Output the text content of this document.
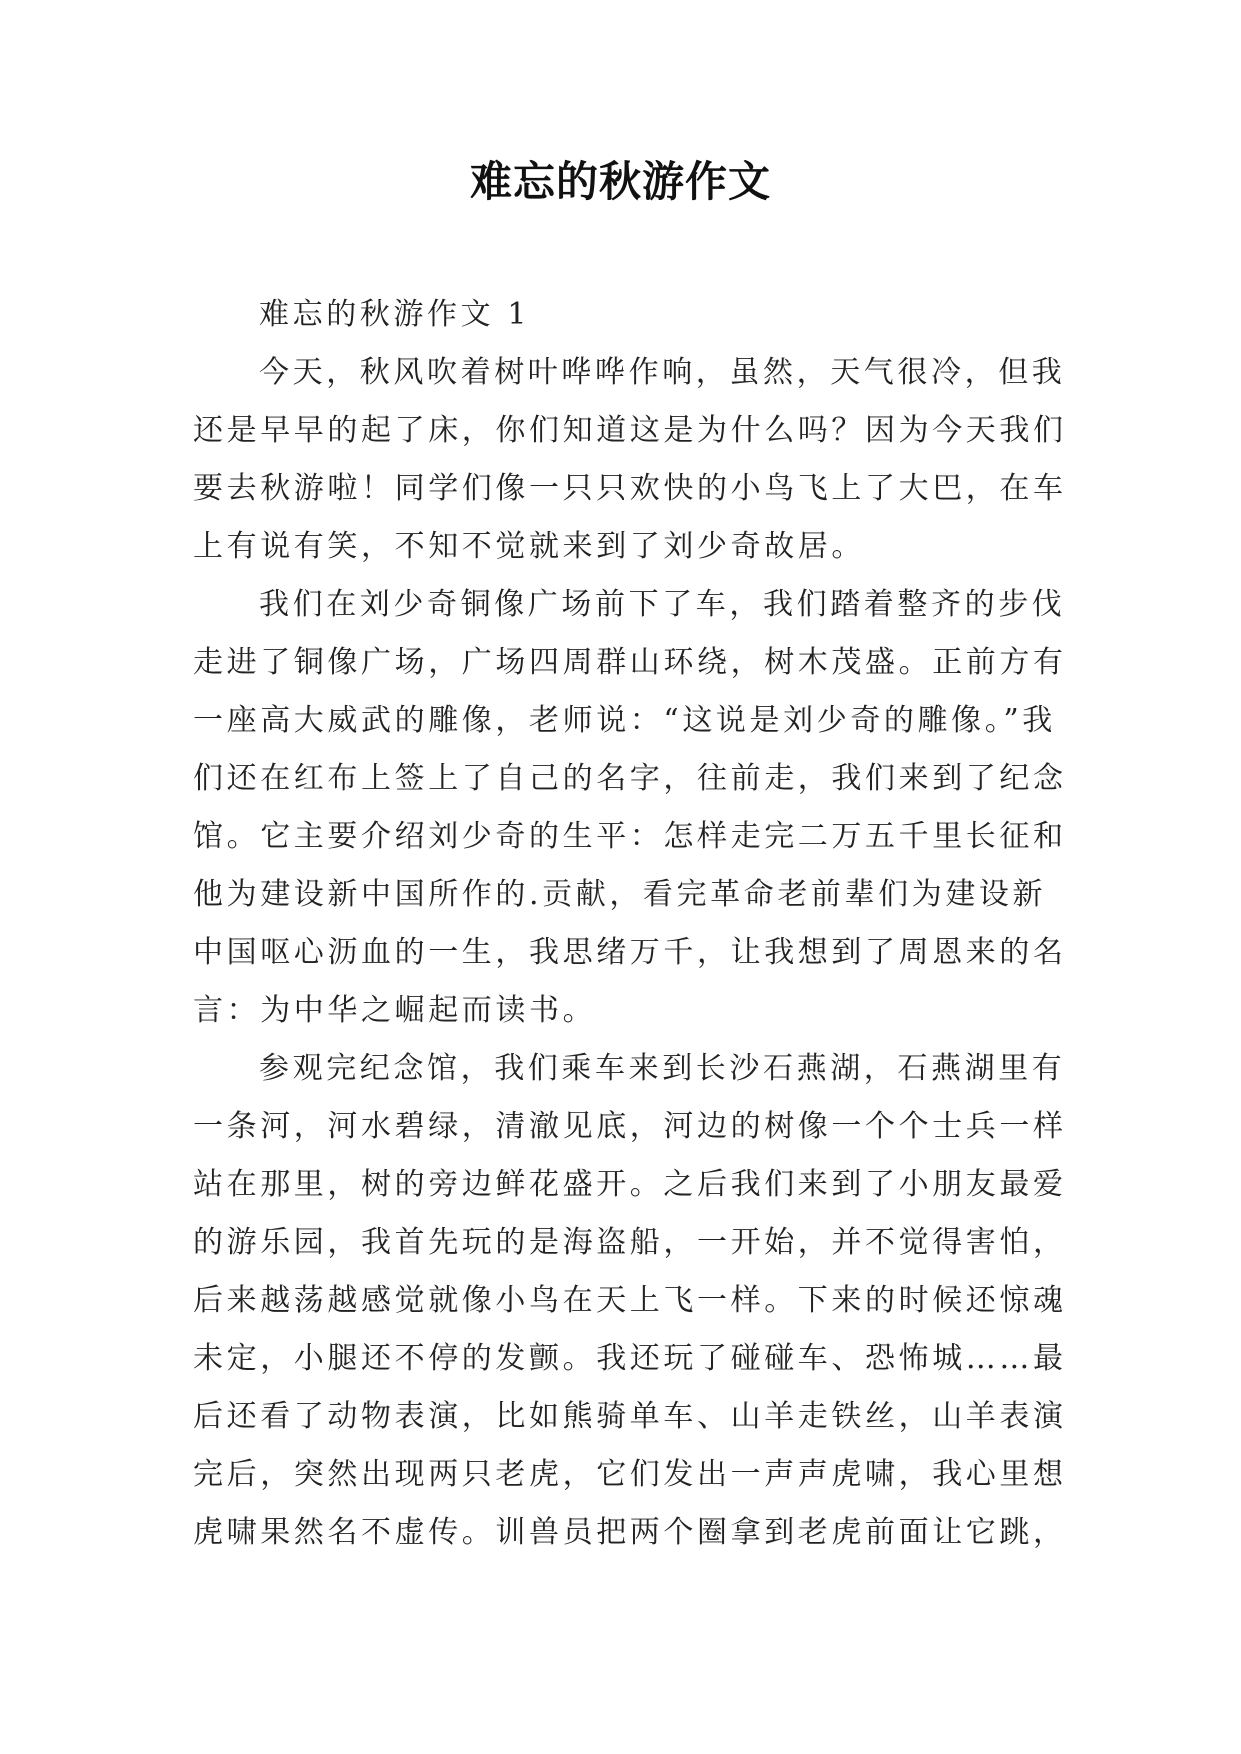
难忘的秋游作文
难忘的秋游作文 1
今天，秋风吹着树叶哗哗作响，虽然，天气很冷，但我
还是早早的起了床，你们知道这是为什么吗？因为今天我们
要去秋游啦！同学们像一只只欢快的小鸟飞上了大巴，在车
上有说有笑，不知不觉就来到了刘少奇故居。
我们在刘少奇铜像广场前下了车，我们踏着整齐的步伐
走进了铜像广场，广场四周群山环绕，树木茂盛。正前方有
一座高大威武的雕像，老师说：“这说是刘少奇的雕像。”我
们还在红布上签上了自己的名字，往前走，我们来到了纪念
馆。它主要介绍刘少奇的生平：怎样走完二万五千里长征和
他为建设新中国所作的.贡献，看完革命老前辈们为建设新
中国呕心沥血的一生，我思绪万千，让我想到了周恩来的名
言：为中华之崛起而读书。
参观完纪念馆，我们乘车来到长沙石燕湖，石燕湖里有
一条河，河水碧绿，清澈见底，河边的树像一个个士兵一样
站在那里，树的旁边鲜花盛开。之后我们来到了小朋友最爱
的游乐园，我首先玩的是海盗船，一开始，并不觉得害怕，
后来越荡越感觉就像小鸟在天上飞一样。下来的时候还惊魂
未定，小腿还不停的发颤。我还玩了碰碰车、恐怖城……最
后还看了动物表演，比如熊骑单车、山羊走铁丝，山羊表演
完后，突然出现两只老虎，它们发出一声声虎啸，我心里想
虎啸果然名不虚传。训兽员把两个圈拿到老虎前面让它跳，
